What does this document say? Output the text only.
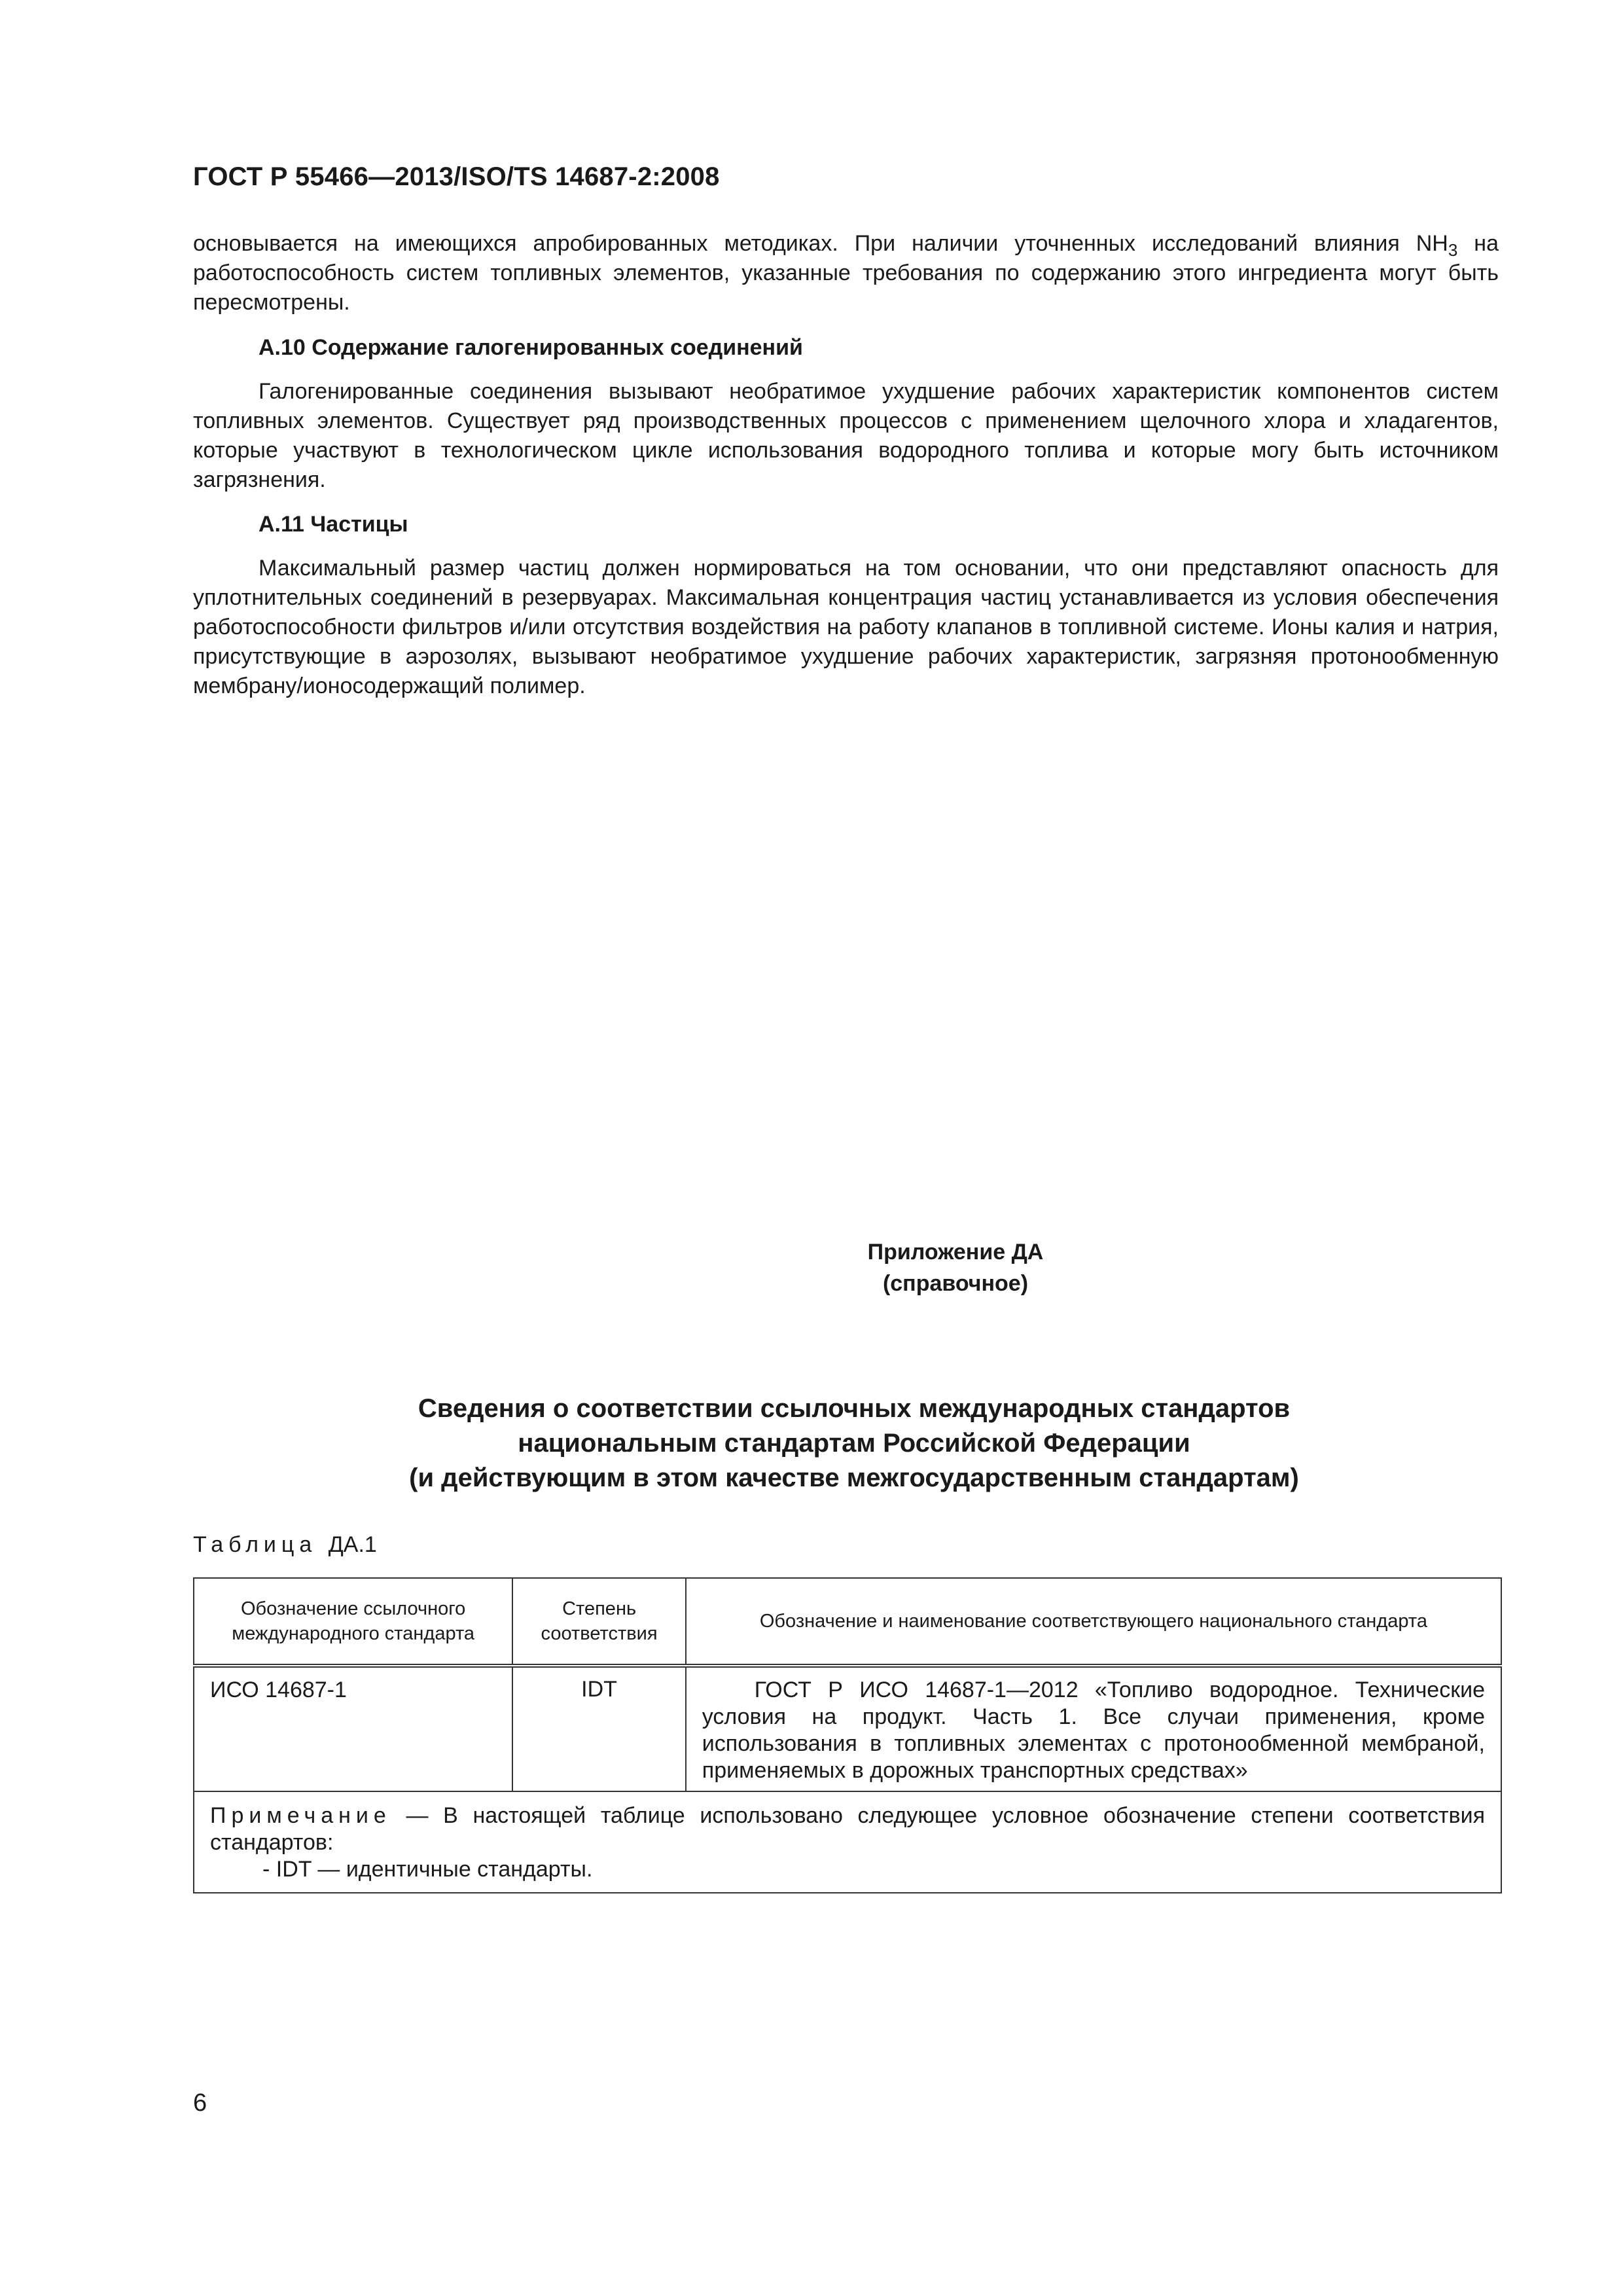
ГОСТ Р 55466—2013/ISO/TS 14687-2:2008

основывается на имеющихся апробированных методиках. При наличии уточненных исследований влияния $NH_3$ на работоспособность систем топливных элементов, указанные требования по содержанию этого ингредиента могут быть пересмотрены.

А.10 Содержание галогенированных соединений

Галогенированные соединения вызывают необратимое ухудшение рабочих характеристик компонентов систем топливных элементов. Существует ряд производственных процессов с применением щелочного хлора и хладагентов, которые участвуют в технологическом цикле использования водородного топлива и которые могу быть источником загрязнения.

А.11 Частицы

Максимальный размер частиц должен нормироваться на том основании, что они представляют опасность для уплотнительных соединений в резервуарах. Максимальная концентрация частиц устанавливается из условия обеспечения работоспособности фильтров и/или отсутствия воздействия на работу клапанов в топливной системе. Ионы калия и натрия, присутствующие в аэрозолях, вызывают необратимое ухудшение рабочих характеристик, загрязняя протонообменную мембрану/ионосодержащий полимер.

Приложение ДА
(справочное)
Сведения о соответствии ссылочных международных стандартов
национальным стандартам Российской Федерации
(и действующим в этом качестве межгосударственным стандартам)
Таблица ДА.1
Обозначение ссылочного международного стандарта	Степень соответствия	Обозначение и наименование соответствующего национального стандарта

ИСО 14687-1	IDT	ГОСТ Р ИСО 14687-1—2012 «Топливо водородное. Технические условия на продукт. Часть 1. Все случаи применения, кроме использования в топливных элементах с протонообменной мембраной, применяемых в дорожных транспортных средствах»

Примечание — В настоящей таблице использовано следующее условное обозначение степени соответствия стандартов:
- IDT — идентичные стандарты.		
6
